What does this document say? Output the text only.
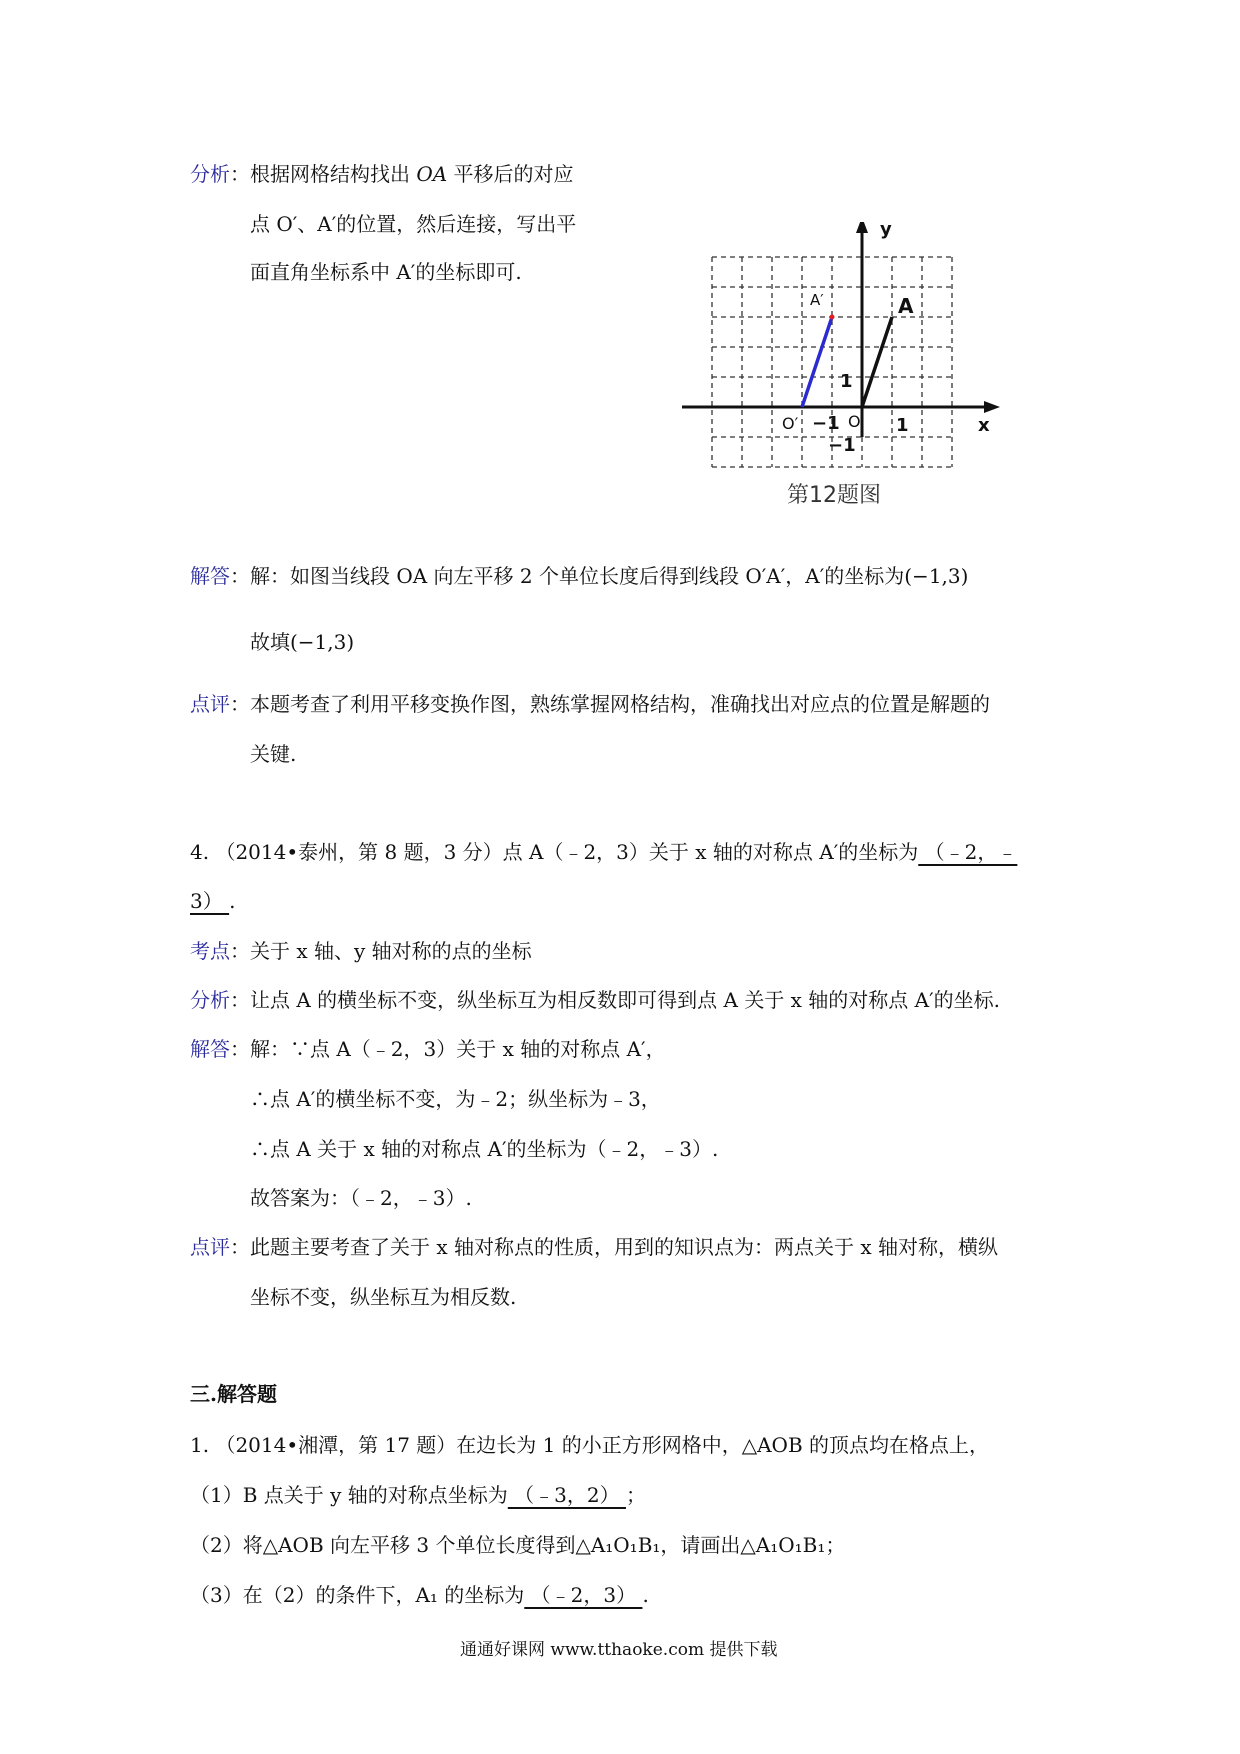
分析：根据网格结构找出 OA 平移后的对应
点 O′、A′的位置，然后连接，写出平
面直角坐标系中 A′的坐标即可.
y
x
A
A′
O′	O
1
1
−1
−1
第12题图
解答：解：如图当线段 OA 向左平移 2 个单位长度后得到线段 O′A′，A′的坐标为(−1,3)
故填(−1,3)
点评：本题考查了利用平移变换作图，熟练掌握网格结构，准确找出对应点的位置是解题的
关键.
4. （2014•泰州，第 8 题，3 分）点 A（﹣2，3）关于 x 轴的对称点 A′的坐标为 （﹣2，﹣
3） .
考点：关于 x 轴、y 轴对称的点的坐标
分析：让点 A 的横坐标不变，纵坐标互为相反数即可得到点 A 关于 x 轴的对称点 A′的坐标.
解答：解：∵点 A（﹣2，3）关于 x 轴的对称点 A′，
∴点 A′的横坐标不变，为﹣2；纵坐标为﹣3，
∴点 A 关于 x 轴的对称点 A′的坐标为（﹣2，﹣3）.
故答案为：（﹣2，﹣3）.
点评：此题主要考查了关于 x 轴对称点的性质，用到的知识点为：两点关于 x 轴对称，横纵
坐标不变，纵坐标互为相反数.
三.解答题
1. （2014•湘潭，第 17 题）在边长为 1 的小正方形网格中，△AOB 的顶点均在格点上，
（1）B 点关于 y 轴的对称点坐标为 （﹣3，2） ；
（2）将△AOB 向左平移 3 个单位长度得到△A₁O₁B₁，请画出△A₁O₁B₁；
（3）在（2）的条件下，A₁ 的坐标为 （﹣2，3） .
通通好课网 www.tthaoke.com 提供下载
